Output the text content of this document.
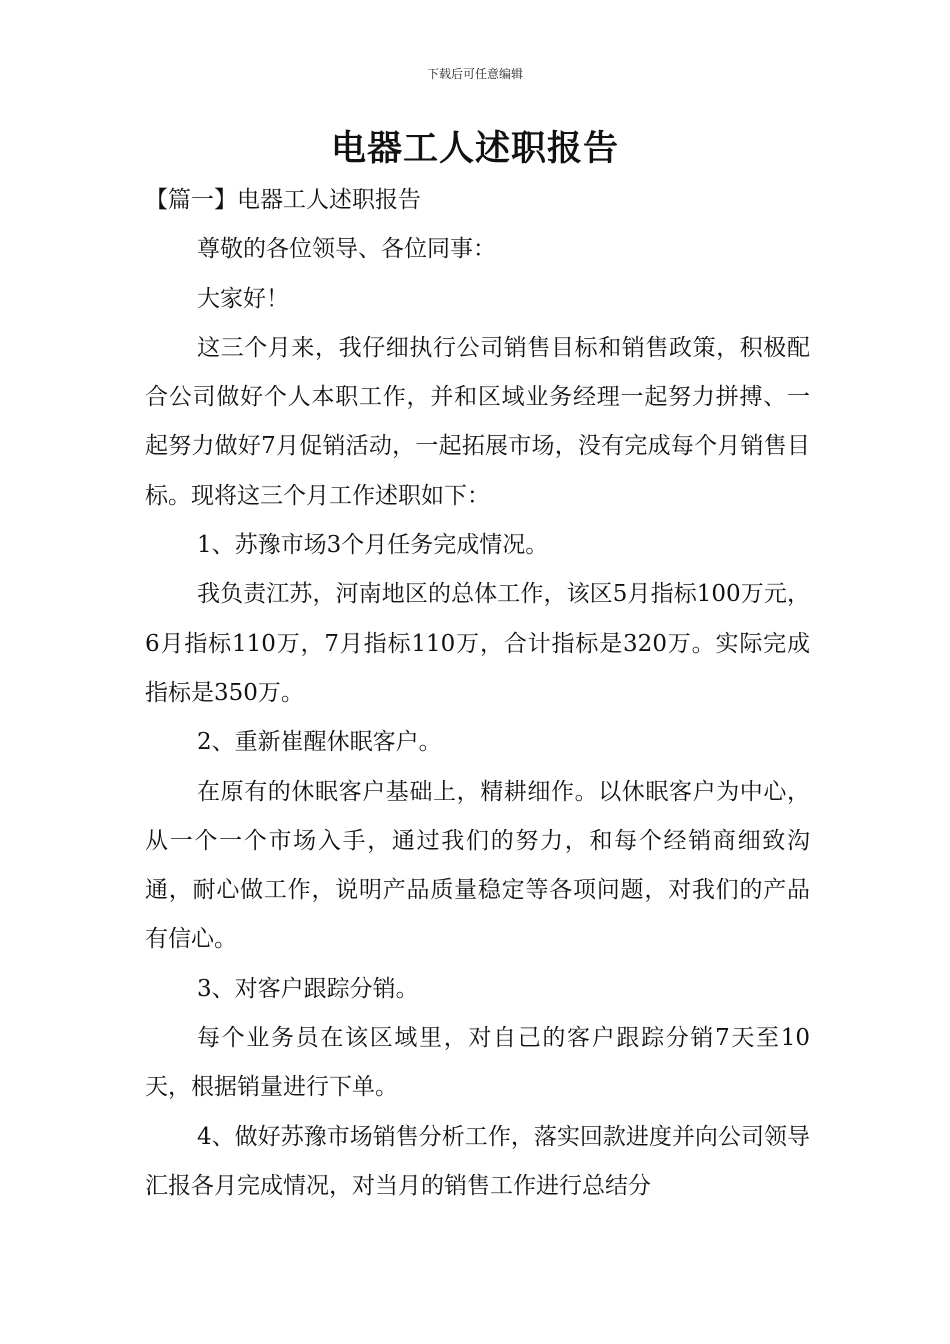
下载后可任意编辑
电器工人述职报告

【篇一】电器工人述职报告

尊敬的各位领导、各位同事：

大家好！

这三个月来，我仔细执行公司销售目标和销售政策，积极配合公司做好个人本职工作，并和区域业务经理一起努力拼搏、一起努力做好7月促销活动，一起拓展市场，没有完成每个月销售目标。现将这三个月工作述职如下：

1、苏豫市场3个月任务完成情况。

我负责江苏，河南地区的总体工作，该区5月指标100万元，6月指标110万，7月指标110万，合计指标是320万。实际完成指标是350万。

2、重新崔醒休眠客户。

在原有的休眠客户基础上，精耕细作。以休眠客户为中心，从一个一个市场入手，通过我们的努力，和每个经销商细致沟通，耐心做工作，说明产品质量稳定等各项问题，对我们的产品有信心。

3、对客户跟踪分销。

每个业务员在该区域里，对自己的客户跟踪分销7天至10天，根据销量进行下单。

4、做好苏豫市场销售分析工作，落实回款进度并向公司领导汇报各月完成情况，对当月的销售工作进行总结分
